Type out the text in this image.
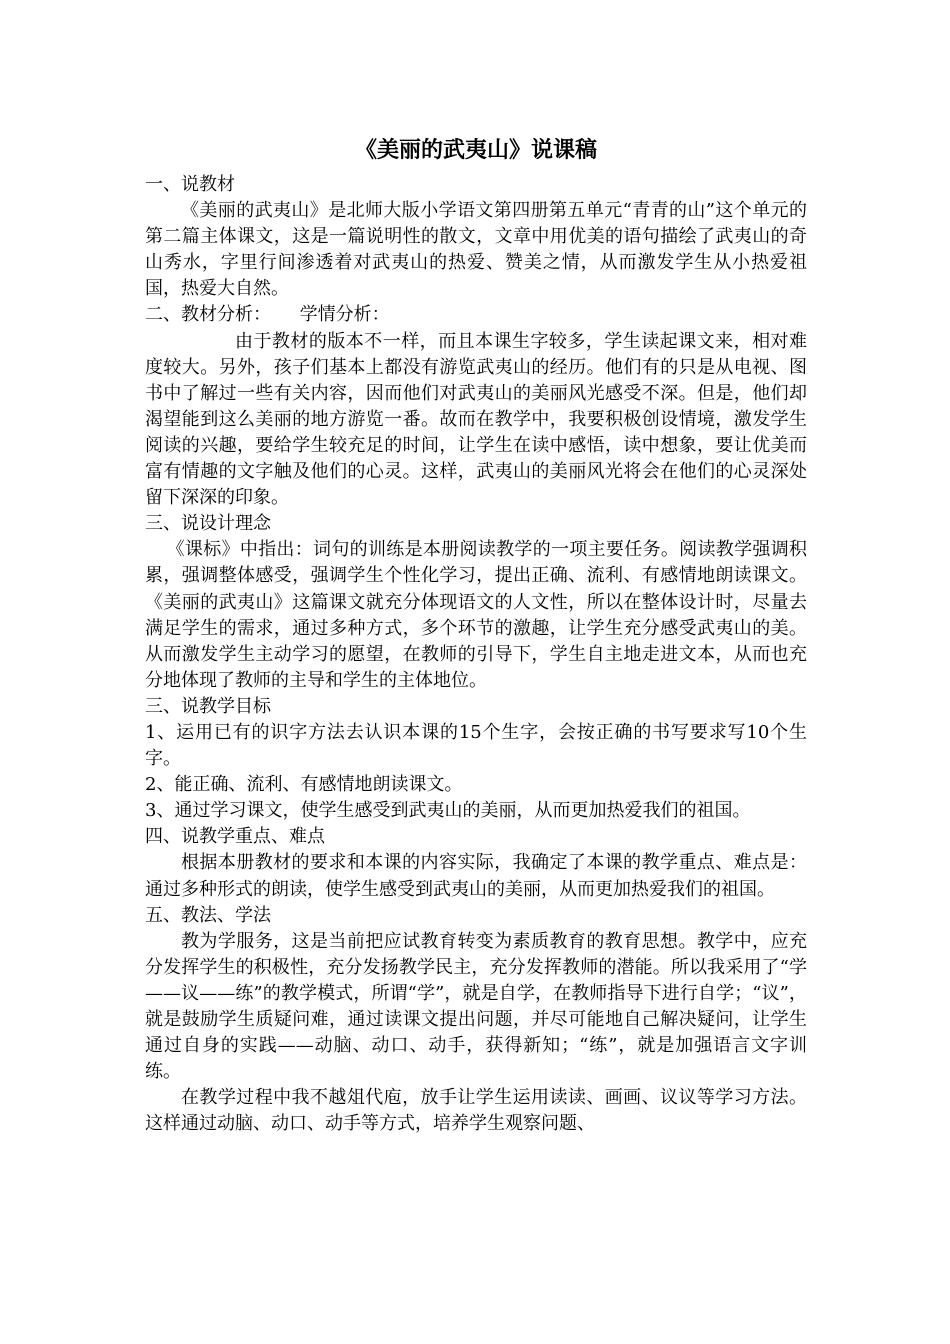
《美丽的武夷山》说课稿

一、说教材

《美丽的武夷山》是北师大版小学语文第四册第五单元“青青的山”这个单元的第二篇主体课文，这是一篇说明性的散文，文章中用优美的语句描绘了武夷山的奇山秀水，字里行间渗透着对武夷山的热爱、赞美之情，从而激发学生从小热爱祖国，热爱大自然。

二、教材分析：     学情分析：

由于教材的版本不一样，而且本课生字较多，学生读起课文来，相对难度较大。另外，孩子们基本上都没有游览武夷山的经历。他们有的只是从电视、图书中了解过一些有关内容，因而他们对武夷山的美丽风光感受不深。但是，他们却渴望能到这么美丽的地方游览一番。故而在教学中，我要积极创设情境，激发学生阅读的兴趣，要给学生较充足的时间，让学生在读中感悟，读中想象，要让优美而富有情趣的文字触及他们的心灵。这样，武夷山的美丽风光将会在他们的心灵深处留下深深的印象。

三、说设计理念

《课标》中指出：词句的训练是本册阅读教学的一项主要任务。阅读教学强调积累，强调整体感受，强调学生个性化学习，提出正确、流利、有感情地朗读课文。《美丽的武夷山》这篇课文就充分体现语文的人文性，所以在整体设计时，尽量去满足学生的需求，通过多种方式，多个环节的激趣，让学生充分感受武夷山的美。从而激发学生主动学习的愿望，在教师的引导下，学生自主地走进文本，从而也充分地体现了教师的主导和学生的主体地位。

三、说教学目标

1、运用已有的识字方法去认识本课的15个生字，会按正确的书写要求写10个生字。

2、能正确、流利、有感情地朗读课文。

3、通过学习课文，使学生感受到武夷山的美丽，从而更加热爱我们的祖国。

四、说教学重点、难点

根据本册教材的要求和本课的内容实际，我确定了本课的教学重点、难点是：通过多种形式的朗读，使学生感受到武夷山的美丽，从而更加热爱我们的祖国。

五、教法、学法

教为学服务，这是当前把应试教育转变为素质教育的教育思想。教学中，应充分发挥学生的积极性，充分发扬教学民主，充分发挥教师的潜能。所以我采用了“学——议——练”的教学模式，所谓“学”，就是自学，在教师指导下进行自学；“议”，就是鼓励学生质疑问难，通过读课文提出问题，并尽可能地自己解决疑问，让学生通过自身的实践——动脑、动口、动手，获得新知；“练”，就是加强语言文字训练。

在教学过程中我不越俎代庖，放手让学生运用读读、画画、议议等学习方法。这样通过动脑、动口、动手等方式，培养学生观察问题、
